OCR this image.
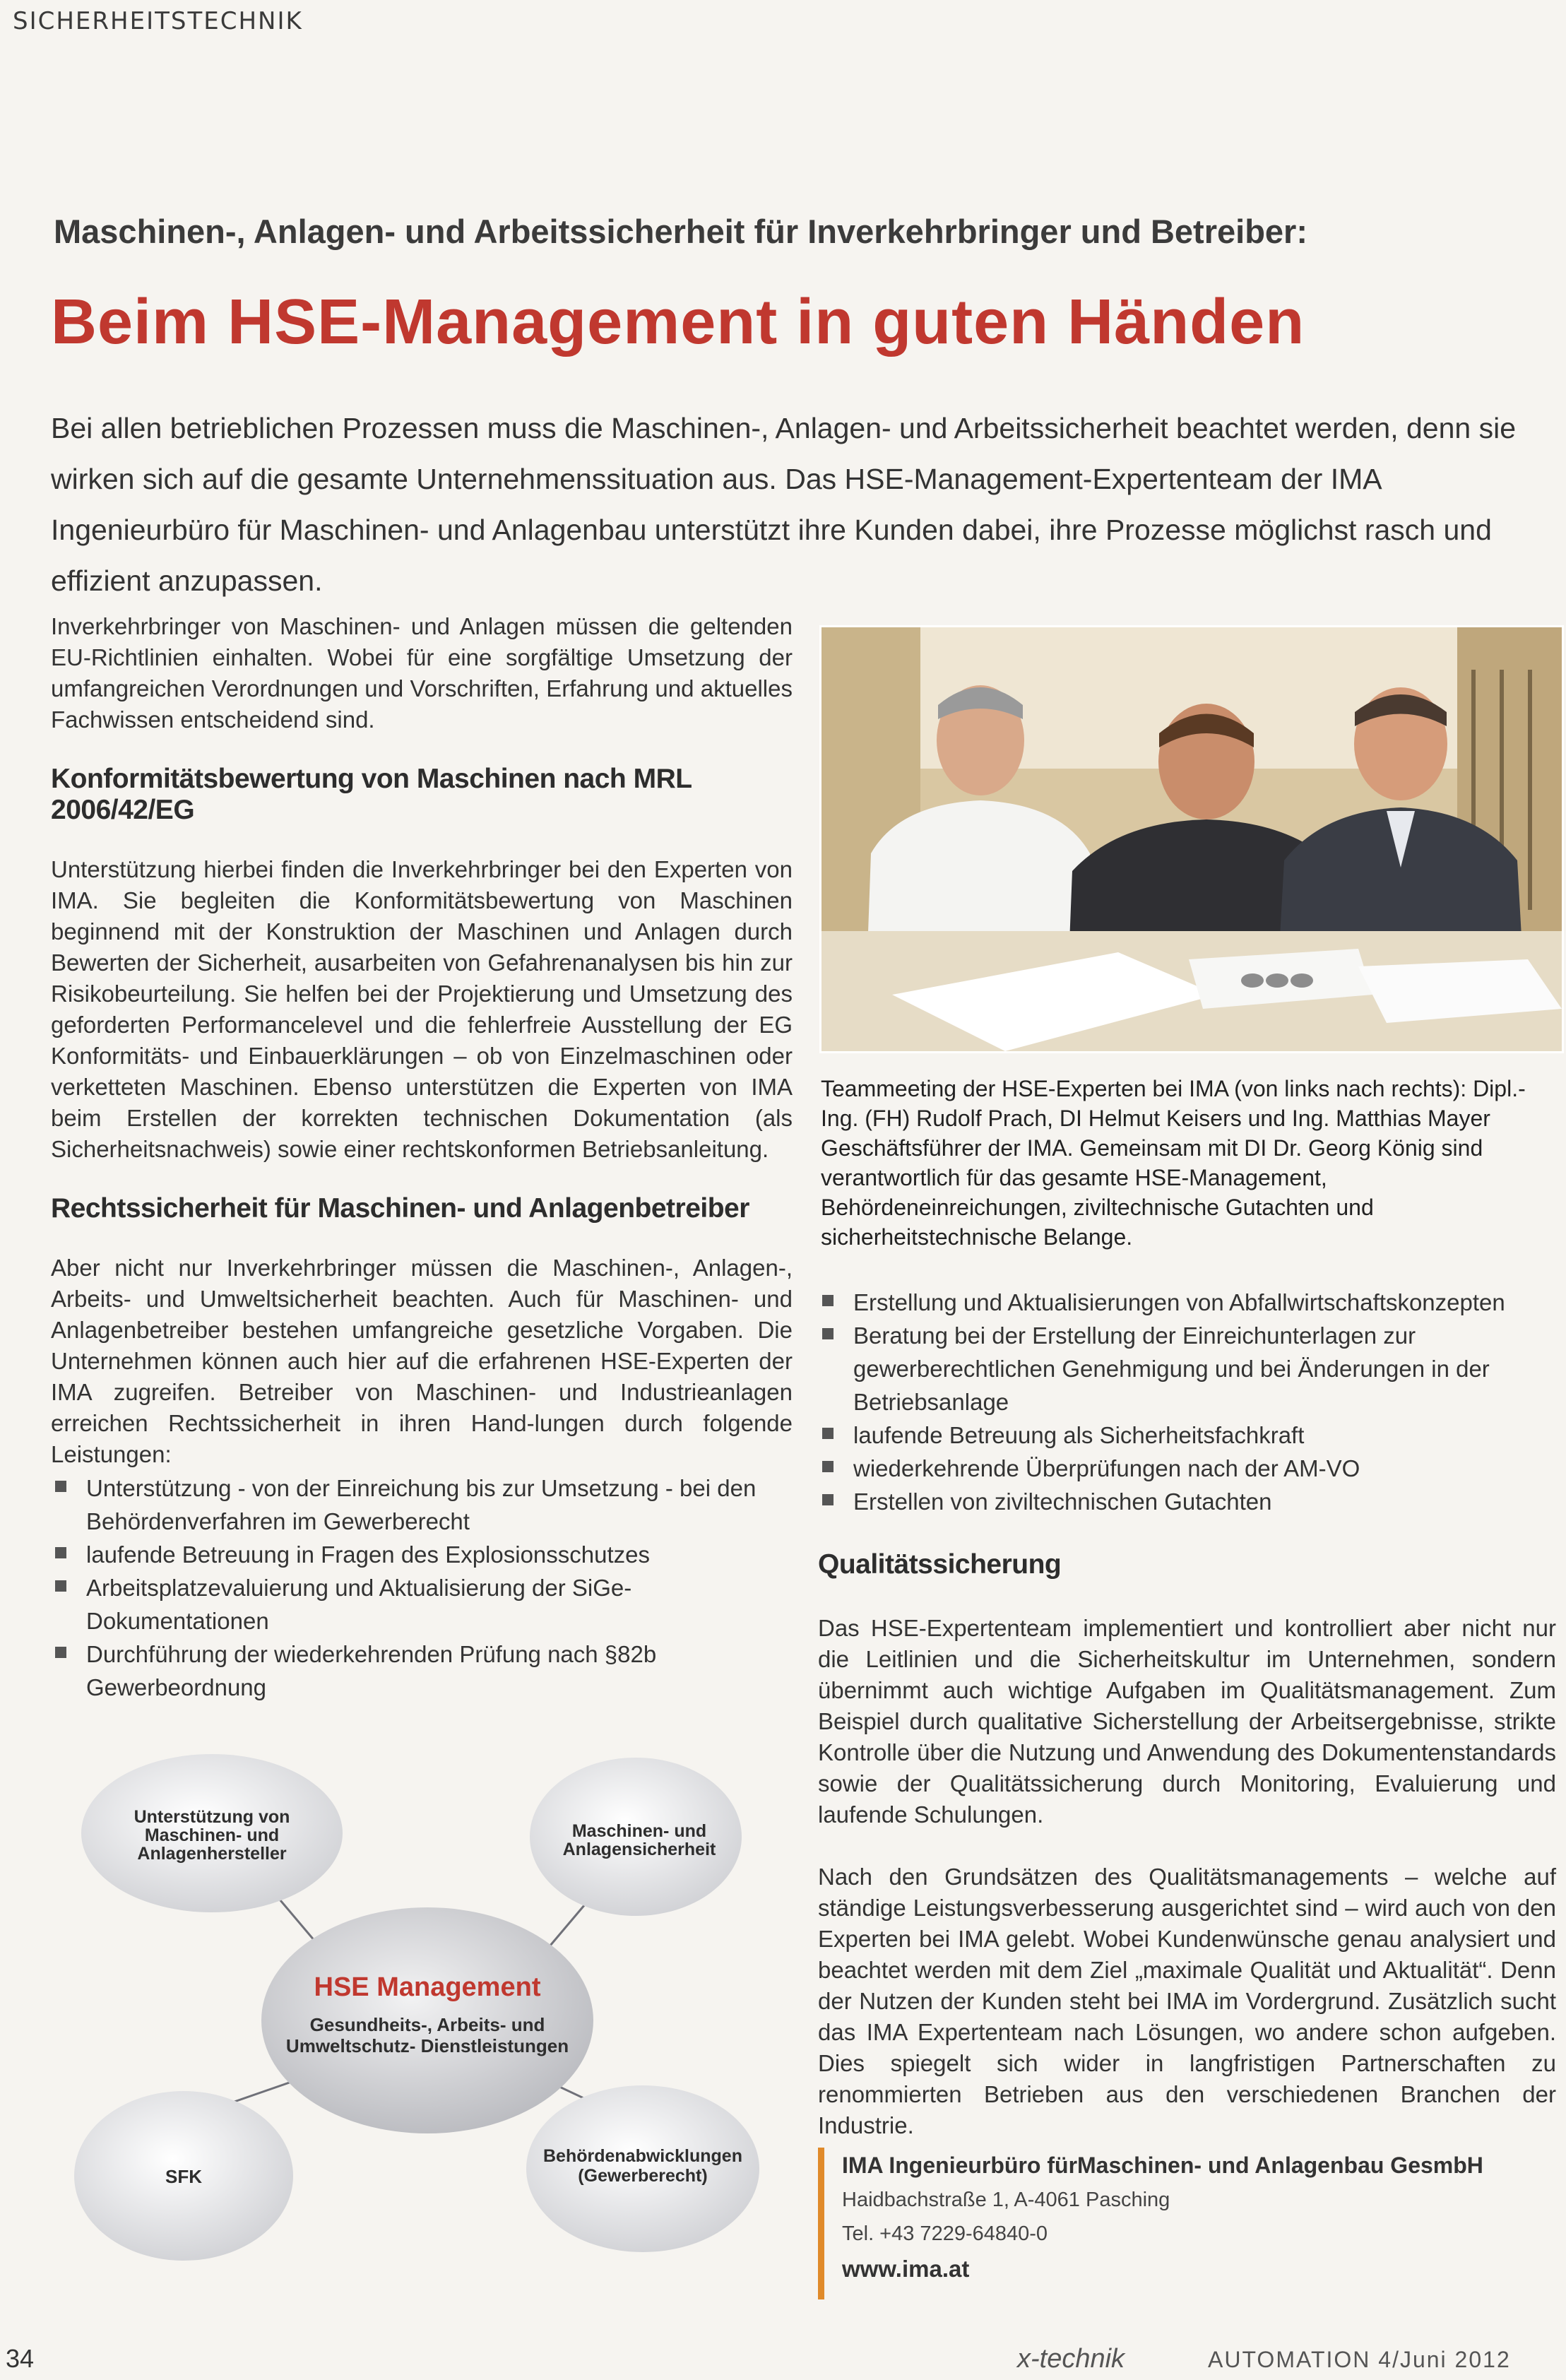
SICHERHEITSTECHNIK
Maschinen-, Anlagen- und Arbeitssicherheit für Inverkehrbringer und Betreiber:
Beim HSE-Management in guten Händen
Bei allen betrieblichen Prozessen muss die Maschinen-, Anlagen- und Arbeitssicherheit beachtet werden, denn sie wirken sich auf die gesamte Unternehmenssituation aus. Das HSE-Management-Expertenteam der IMA Ingenieurbüro für Maschinen- und Anlagenbau unterstützt ihre Kunden dabei, ihre Prozesse möglichst rasch und effizient anzupassen.

Inverkehrbringer von Maschinen- und Anlagen müssen die geltenden EU-Richtlinien einhalten. Wobei für eine sorgfältige Umsetzung der umfangreichen Verordnungen und Vorschriften, Erfahrung und aktuelles Fachwissen entscheidend sind.

Konformitätsbewertung von Maschinen nach MRL 2006/42/EG

Unterstützung hierbei finden die Inverkehrbringer bei den Experten von IMA. Sie begleiten die Konformitätsbewertung von Maschinen beginnend mit der Konstruktion der Maschinen und Anlagen durch Bewerten der Sicherheit, ausarbeiten von Gefahrenanalysen bis hin zur Risikobeurteilung. Sie helfen bei der Projektierung und Umsetzung des geforderten Performancelevel und die fehlerfreie Ausstellung der EG Konformitäts- und Einbauerklärungen – ob von Einzelmaschinen oder verketteten Maschinen. Ebenso unterstützen die Experten von IMA beim Erstellen der korrekten technischen Dokumentation (als Sicherheitsnachweis) sowie einer rechtskonformen Betriebsanleitung.

Rechtssicherheit für Maschinen- und Anlagenbetreiber

Aber nicht nur Inverkehrbringer müssen die Maschinen-, Anlagen-, Arbeits- und Umweltsicherheit beachten. Auch für Maschinen- und Anlagenbetreiber bestehen umfangreiche gesetzliche Vorgaben. Die Unternehmen können auch hier auf die erfahrenen HSE-Experten der IMA zugreifen. Betreiber von Maschinen- und Industrieanlagen erreichen Rechtssicherheit in ihren Hand-lungen durch folgende Leistungen:

Unterstützung - von der Einreichung bis zur Umsetzung - bei den Behördenverfahren im Gewerberecht
laufende Betreuung in Fragen des Explosionsschutzes
Arbeitsplatzevaluierung und Aktualisierung der SiGe-Dokumentationen
Durchführung der wiederkehrenden Prüfung nach §82b Gewerbeordnung
Teammeeting der HSE-Experten bei IMA (von links nach rechts): Dipl.-Ing. (FH) Rudolf Prach, DI Helmut Keisers und Ing. Matthias Mayer Geschäftsführer der IMA. Gemeinsam mit DI Dr. Georg König sind verantwortlich für das gesamte HSE-Management, Behördeneinreichungen, ziviltechnische Gutachten und sicherheitstechnische Belange.
Erstellung und Aktualisierungen von Abfallwirtschaftskonzepten
Beratung bei der Erstellung der Einreichunterlagen zur gewerberechtlichen Genehmigung und bei Änderungen in der Betriebsanlage
laufende Betreuung als Sicherheitsfachkraft
wiederkehrende Überprüfungen nach der AM-VO
Erstellen von ziviltechnischen Gutachten
Qualitätssicherung

Das HSE-Expertenteam implementiert und kontrolliert aber nicht nur die Leitlinien und die Sicherheitskultur im Unternehmen, sondern übernimmt auch wichtige Aufgaben im Qualitätsmanagement. Zum Beispiel durch qualitative Sicherstellung der Arbeitsergebnisse, strikte Kontrolle über die Nutzung und Anwendung des Dokumentenstandards sowie der Qualitätssicherung durch Monitoring, Evaluierung und laufende Schulungen.

Nach den Grundsätzen des Qualitätsmanagements – welche auf ständige Leistungsverbesserung ausgerichtet sind – wird auch von den Experten bei IMA gelebt. Wobei Kundenwünsche genau analysiert und beachtet werden mit dem Ziel „maximale Qualität und Aktualität“. Denn der Nutzen der Kunden steht bei IMA im Vordergrund. Zusätzlich sucht das IMA Expertenteam nach Lösungen, wo andere schon aufgeben. Dies spiegelt sich wider in langfristigen Partnerschaften zu renommierten Betrieben aus den verschiedenen Branchen der Industrie.

Unterstützung von
Maschinen- und
Anlagenhersteller
Maschinen- und
Anlagensicherheit
SFK
Behördenabwicklungen
(Gewerberecht)
HSE Management
Gesundheits-, Arbeits- und
Umweltschutz- Dienstleistungen
IMA Ingenieurbüro fürMaschinen- und Anlagenbau GesmbH
Haidbachstraße 1, A-4061 Pasching
Tel. +43 7229-64840-0
www.ima.at
34	x-technik	AUTOMATION 4/Juni 2012
